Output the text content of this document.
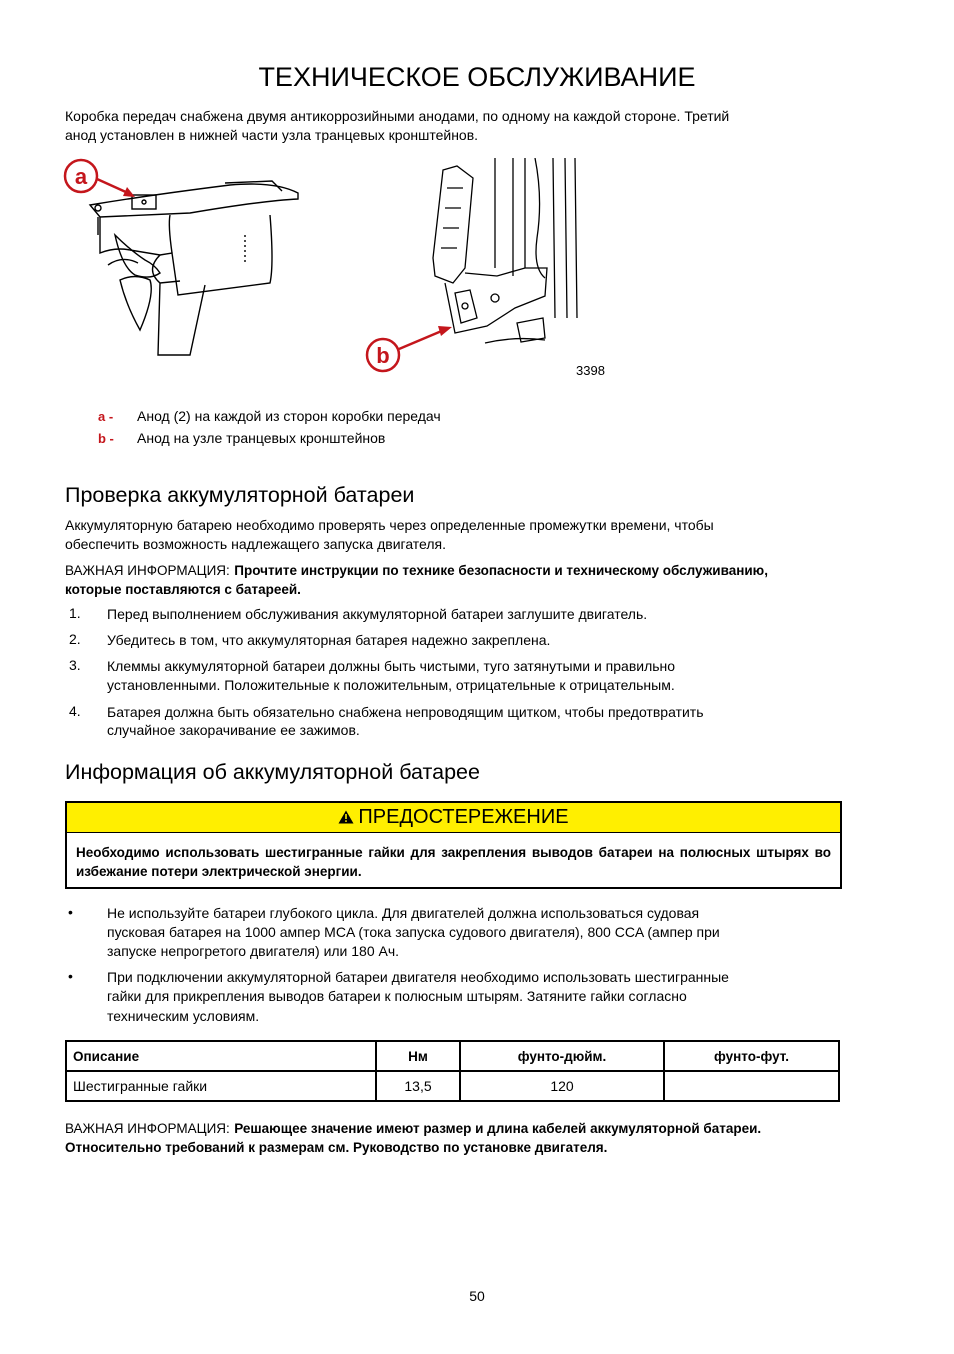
ТЕХНИЧЕСКОЕ ОБСЛУЖИВАНИЕ
Коробка передач снабжена двумя антикоррозийными анодами, по одному на каждой стороне. Третий
анод установлен в нижней части узла транцевых кронштейнов.
a
b
3398
a - Анод (2) на каждой из сторон коробки передач
b - Анод на узле транцевых кронштейнов
Проверка аккумуляторной батареи
Аккумуляторную батарею необходимо проверять через определенные промежутки времени, чтобы
обеспечить возможность надлежащего запуска двигателя.
ВАЖНАЯ ИНФОРМАЦИЯ: Прочтите инструкции по технике безопасности и техническому обслуживанию,
которые поставляются с батареей.
1. Перед выполнением обслуживания аккумуляторной батареи заглушите двигатель.
2. Убедитесь в том, что аккумуляторная батарея надежно закреплена.
3. Клеммы аккумуляторной батареи должны быть чистыми, туго затянутыми и правильно
установленными. Положительные к положительным, отрицательные к отрицательным.
4. Батарея должна быть обязательно снабжена непроводящим щитком, чтобы предотвратить
случайное закорачивание ее зажимов.
Информация об аккумуляторной батарее
ПРЕДОСТЕРЕЖЕНИЕ
Необходимо использовать шестигранные гайки для закрепления выводов батареи на полюсных штырях во избежание потери электрической энергии.
• Не используйте батареи глубокого цикла. Для двигателей должна использоваться судовая
пусковая батарея на 1000 ампер MCA (тока запуска судового двигателя), 800 CCA (ампер при
запуске непрогретого двигателя) или 180 Ач.
• При подключении аккумуляторной батареи двигателя необходимо использовать шестигранные
гайки для прикрепления выводов батареи к полюсным штырям. Затяните гайки согласно
техническим условиям.
Описание	Нм	фунто-дюйм.	фунто-фут.
Шестигранные гайки	13,5	120	
ВАЖНАЯ ИНФОРМАЦИЯ: Решающее значение имеют размер и длина кабелей аккумуляторной батареи.
Относительно требований к размерам см. Руководство по установке двигателя.
50
